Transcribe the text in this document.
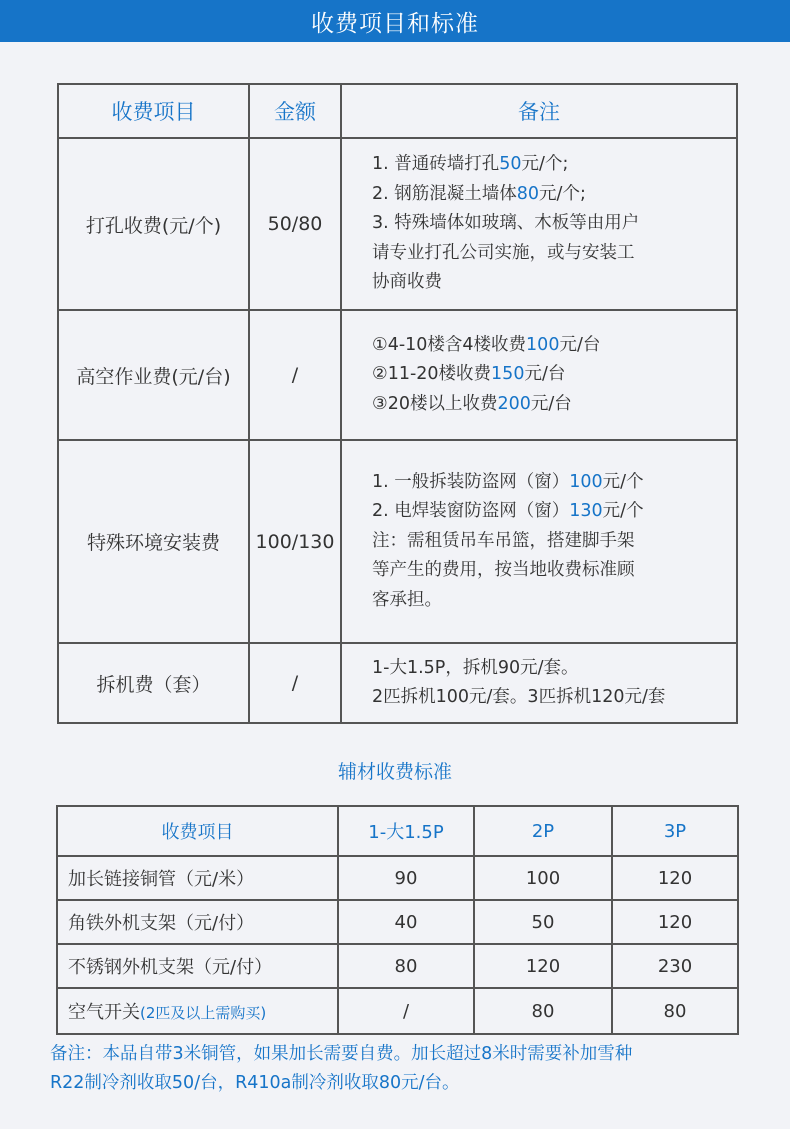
收费项目和标准
收费项目	金额	备注
打孔收费(元/个)	50/80	1. 普通砖墙打孔50元/个;
2. 钢筋混凝土墙体80元/个;
3. 特殊墙体如玻璃、木板等由用户
请专业打孔公司实施，或与安装工
协商收费

高空作业费(元/台)	/	①4-10楼含4楼收费100元/台
②11-20楼收费150元/台
③20楼以上收费200元/台

特殊环境安装费	100/130	1. 一般拆装防盗网（窗）100元/个
2. 电焊装窗防盗网（窗）130元/个
注：需租赁吊车吊篮，搭建脚手架
等产生的费用，按当地收费标准顾
客承担。

拆机费（套）	/	1-大1.5P，拆机90元/套。
2匹拆机100元/套。3匹拆机120元/套
辅材收费标准
收费项目	1-大1.5P	2P	3P
加长链接铜管（元/米）	90	100	120
角铁外机支架（元/付）	40	50	120
不锈钢外机支架（元/付）	80	120	230
空气开关(2匹及以上需购买)	/	80	80
备注：本品自带3米铜管，如果加长需要自费。加长超过8米时需要补加雪种
R22制冷剂收取50/台，R410a制冷剂收取80元/台。
